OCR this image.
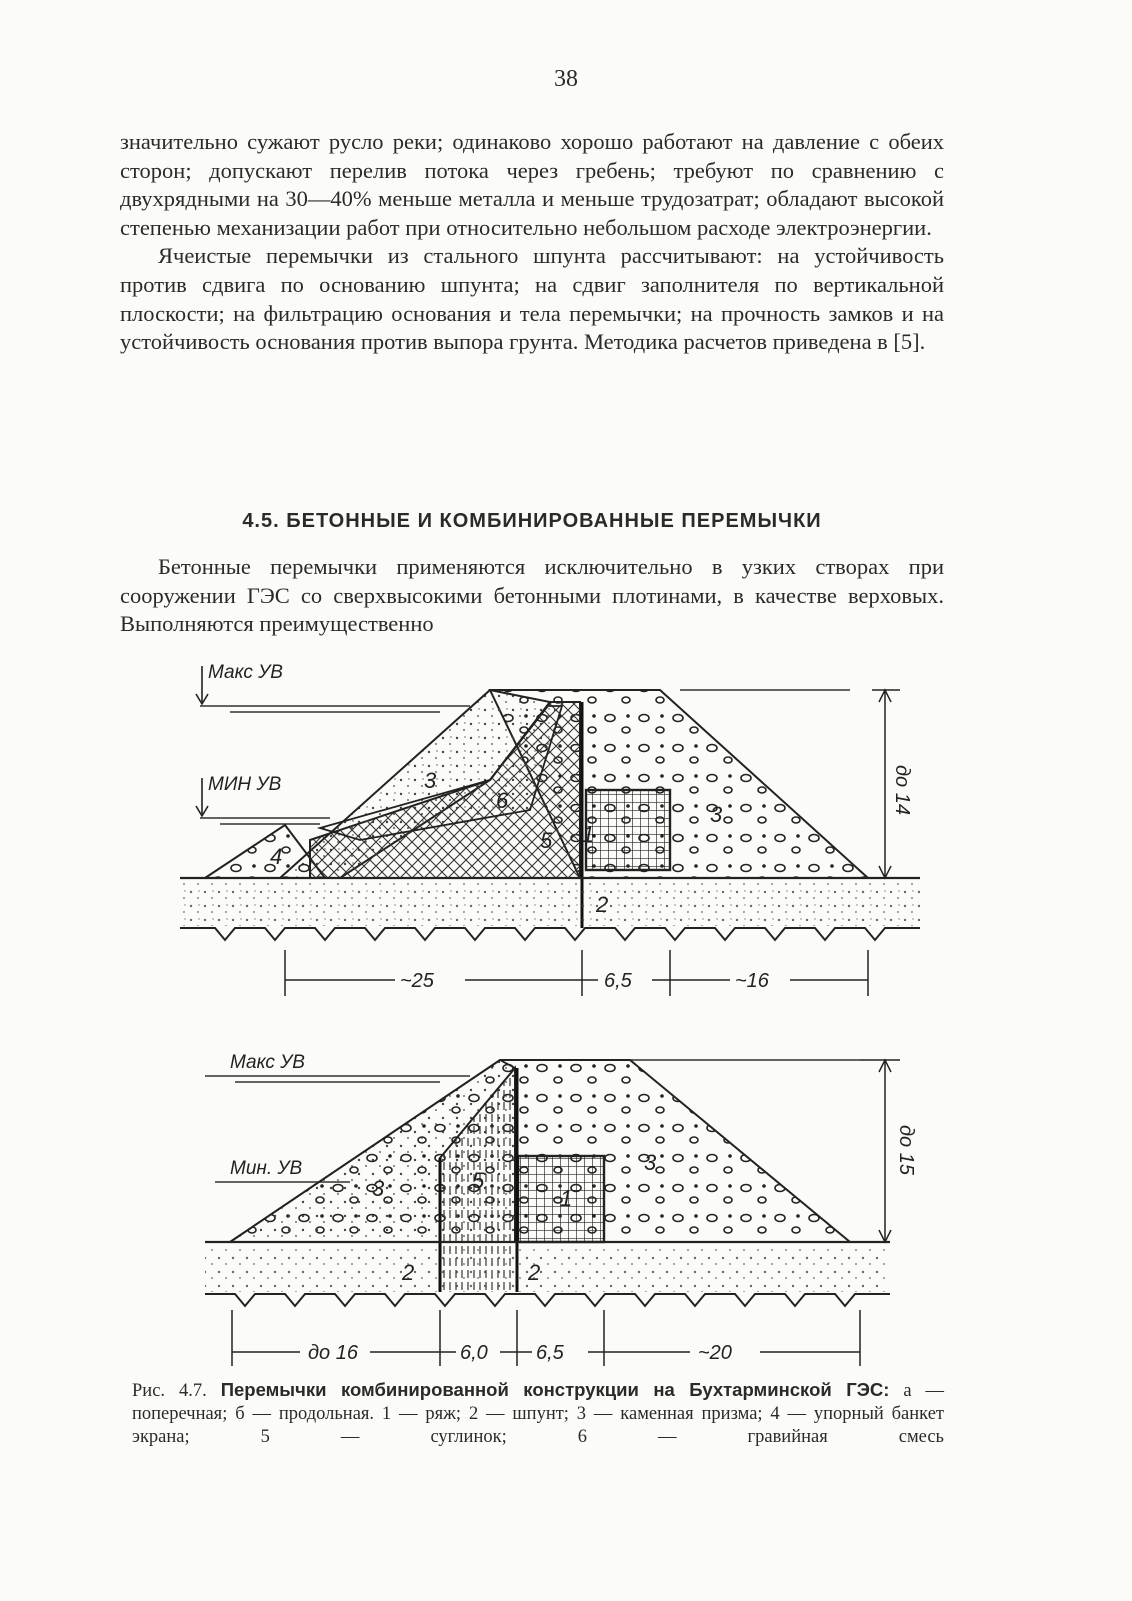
38

значительно сужают русло реки; одинаково хорошо работают на давление с обеих сторон; допускают перелив потока через гребень; требуют по сравнению с двухрядными на 30—40% меньше металла и меньше трудозатрат; обладают высокой степенью механизации работ при относительно небольшом расходе электроэнергии.

Ячеистые перемычки из стального шпунта рассчитывают: на устойчивость против сдвига по основанию шпунта; на сдвиг заполнителя по вертикальной плоскости; на фильтрацию основания и тела перемычки; на прочность замков и на устойчивость основания против выпора грунта. Методика расчетов приведена в [5].

4.5. БЕТОННЫЕ И КОМБИНИРОВАННЫЕ ПЕРЕМЫЧКИ

Бетонные перемычки применяются исключительно в узких створах при сооружении ГЭС со сверхвысокими бетонными плотинами, в качестве верховых. Выполняются преимущественно

Макс УВ
МИН УВ
1
2
3
3
4
5
6	до 14
~25	6,5	~16
Макс УВ
Мин. УВ
1
2	2
3
3
5
до 15
до 16	6,0 6,5	~20
Рис. 4.7. Перемычки комбинированной конструкции на Бухтарминской ГЭС: а — поперечная; б — продольная. 1 — ряж; 2 — шпунт; 3 — каменная призма; 4 — упорный банкет экрана; 5 — суглинок; 6 — гравийная смесь
